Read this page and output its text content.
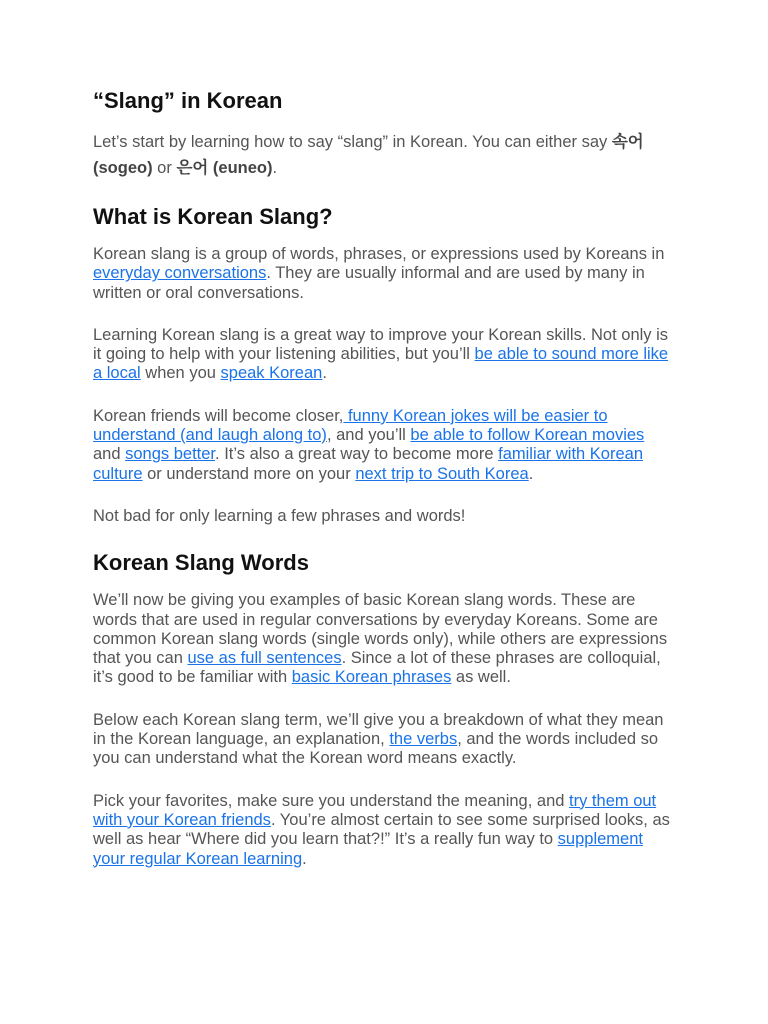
“Slang” in Korean

Let’s start by learning how to say “slang” in Korean. You can either say 속어
(sogeo) or 은어 (euneo).

What is Korean Slang?

Korean slang is a group of words, phrases, or expressions used by Koreans in everyday conversations. They are usually informal and are used by many in written or oral conversations.

Learning Korean slang is a great way to improve your Korean skills. Not only is it going to help with your listening abilities, but you’ll be able to sound more like a local when you speak Korean.

Korean friends will become closer, funny Korean jokes will be easier to understand (and laugh along to), and you’ll be able to follow Korean movies and songs better. It’s also a great way to become more familiar with Korean culture or understand more on your next trip to South Korea.

Not bad for only learning a few phrases and words!

Korean Slang Words

We’ll now be giving you examples of basic Korean slang words. These are words that are used in regular conversations by everyday Koreans. Some are common Korean slang words (single words only), while others are expressions that you can use as full sentences. Since a lot of these phrases are colloquial, it’s good to be familiar with basic Korean phrases as well.

Below each Korean slang term, we’ll give you a breakdown of what they mean in the Korean language, an explanation, the verbs, and the words included so you can understand what the Korean word means exactly.

Pick your favorites, make sure you understand the meaning, and try them out with your Korean friends. You’re almost certain to see some surprised looks, as well as hear “Where did you learn that?!” It’s a really fun way to supplement your regular Korean learning.
